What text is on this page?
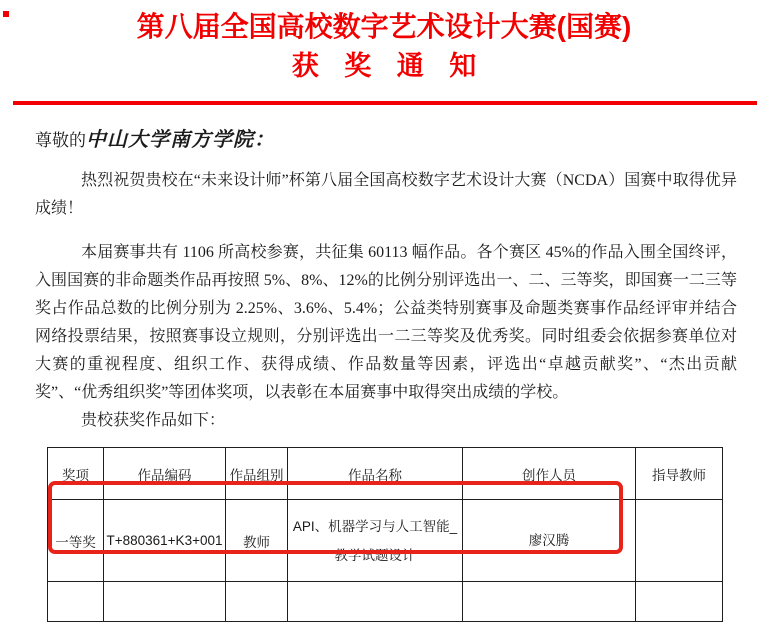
第八届全国高校数字艺术设计大赛(国赛)
获 奖 通 知
尊敬的中山大学南方学院：

热烈祝贺贵校在“未来设计师”杯第八届全国高校数字艺术设计大赛（NCDA）国赛中取得优异成绩！

本届赛事共有 1106 所高校参赛，共征集 60113 幅作品。各个赛区 45%的作品入围全国终评，入围国赛的非命题类作品再按照 5%、8%、12%的比例分别评选出一、二、三等奖，即国赛一二三等奖占作品总数的比例分别为 2.25%、3.6%、5.4%；公益类特别赛事及命题类赛事作品经评审并结合网络投票结果，按照赛事设立规则，分别评选出一二三等奖及优秀奖。同时组委会依据参赛单位对大赛的重视程度、组织工作、获得成绩、作品数量等因素，评选出“卓越贡献奖”、“杰出贡献奖”、“优秀组织奖”等团体奖项，以表彰在本届赛事中取得突出成绩的学校。

贵校获奖作品如下：

奖项	作品编码	作品组别	作品名称	创作人员	指导教师
一等奖	T+880361+K3+001	教师	API、机器学习与人工智能_教学试题设计	廖汉腾	
